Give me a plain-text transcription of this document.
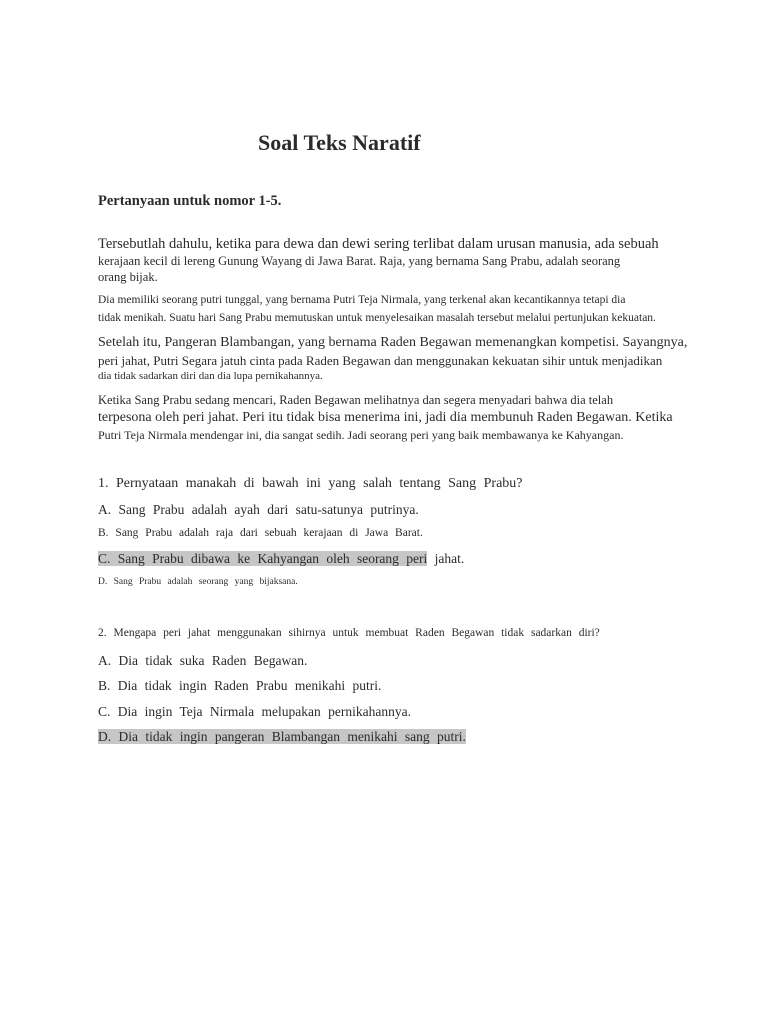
Soal Teks Naratif
Pertanyaan untuk nomor 1-5.
Tersebutlah dahulu, ketika para dewa dan dewi sering terlibat dalam urusan manusia, ada sebuah
kerajaan kecil di lereng Gunung Wayang di Jawa Barat. Raja, yang bernama Sang Prabu, adalah seorang
orang bijak.
Dia memiliki seorang putri tunggal, yang bernama Putri Teja Nirmala, yang terkenal akan kecantikannya tetapi dia
tidak menikah. Suatu hari Sang Prabu memutuskan untuk menyelesaikan masalah tersebut melalui pertunjukan kekuatan.
Setelah itu, Pangeran Blambangan, yang bernama Raden Begawan memenangkan kompetisi. Sayangnya,
peri jahat, Putri Segara jatuh cinta pada Raden Begawan dan menggunakan kekuatan sihir untuk menjadikan
dia tidak sadarkan diri dan dia lupa pernikahannya.
Ketika Sang Prabu sedang mencari, Raden Begawan melihatnya dan segera menyadari bahwa dia telah
terpesona oleh peri jahat. Peri itu tidak bisa menerima ini, jadi dia membunuh Raden Begawan. Ketika
Putri Teja Nirmala mendengar ini, dia sangat sedih. Jadi seorang peri yang baik membawanya ke Kahyangan.
1. Pernyataan manakah di bawah ini yang salah tentang Sang Prabu?
A. Sang Prabu adalah ayah dari satu-satunya putrinya.
B. Sang Prabu adalah raja dari sebuah kerajaan di Jawa Barat.
C. Sang Prabu dibawa ke Kahyangan oleh seorang peri jahat.
D. Sang Prabu adalah seorang yang bijaksana.
2. Mengapa peri jahat menggunakan sihirnya untuk membuat Raden Begawan tidak sadarkan diri?
A. Dia tidak suka Raden Begawan.
B. Dia tidak ingin Raden Prabu menikahi putri.
C. Dia ingin Teja Nirmala melupakan pernikahannya.
D. Dia tidak ingin pangeran Blambangan menikahi sang putri.
